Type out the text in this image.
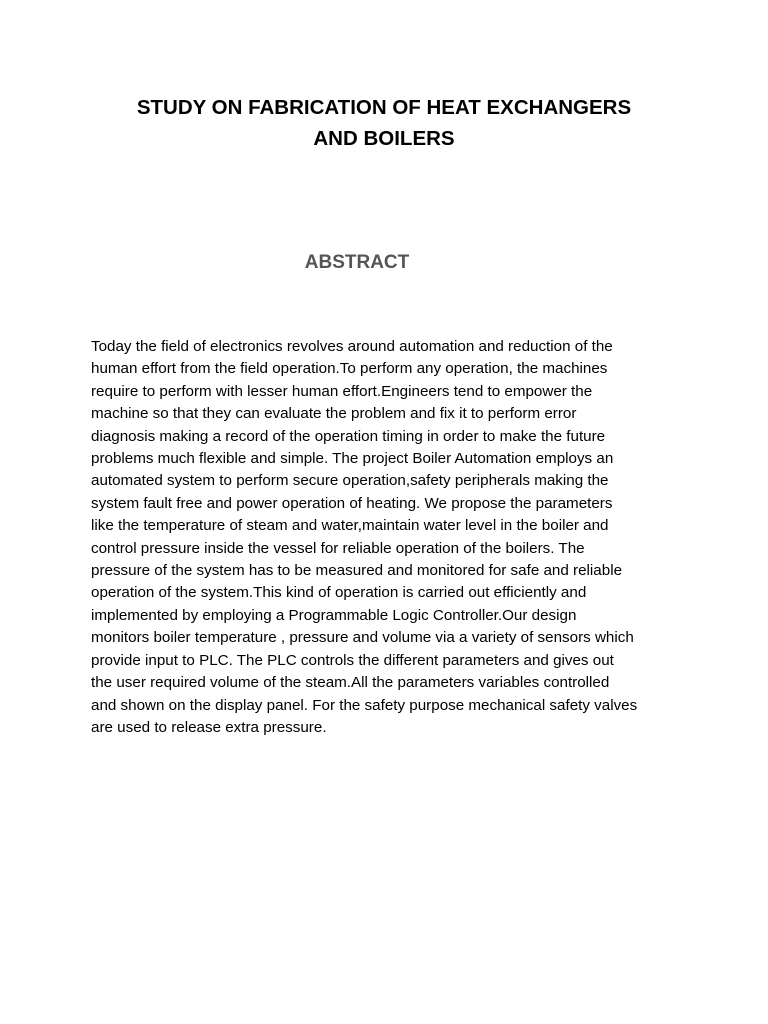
STUDY ON FABRICATION OF HEAT EXCHANGERS
AND BOILERS
ABSTRACT
Today the field of electronics revolves around automation and reduction of the
human effort from the field operation.To perform any operation, the machines
require to perform with lesser human effort.Engineers tend to empower the
machine so that they can evaluate the problem and fix it to perform error
diagnosis making a record of the operation timing in order to make the future
problems much flexible and simple. The project Boiler Automation employs an
automated system to perform secure operation,safety peripherals making the
system fault free and power operation of heating. We propose the parameters
like the temperature of steam and water,maintain water level in the boiler and
control pressure inside the vessel for reliable operation of the boilers. The
pressure of the system has to be measured and monitored for safe and reliable
operation of the system.This kind of operation is carried out efficiently and
implemented by employing a Programmable Logic Controller.Our design
monitors boiler temperature , pressure and volume via a variety of sensors which
provide input to PLC. The PLC controls the different parameters and gives out
the user required volume of the steam.All the parameters variables controlled
and shown on the display panel. For the safety purpose mechanical safety valves
are used to release extra pressure.
